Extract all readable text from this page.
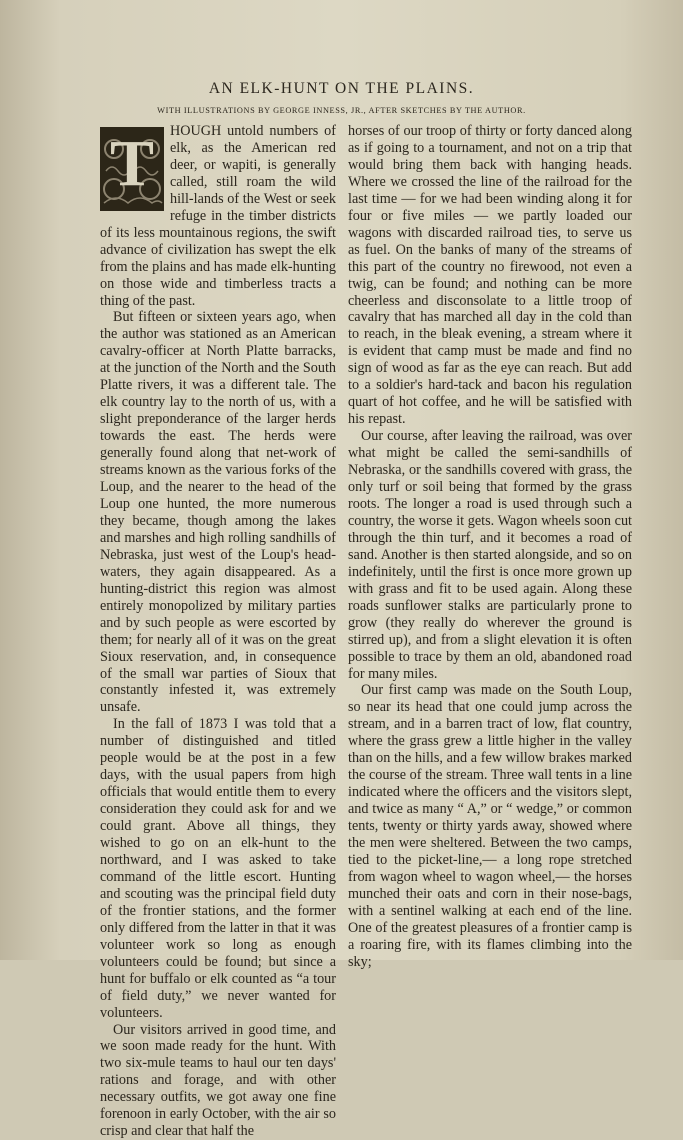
AN ELK-HUNT ON THE PLAINS.
WITH ILLUSTRATIONS BY GEORGE INNESS, JR., AFTER SKETCHES BY THE AUTHOR.

T	HOUGH untold numbers of elk, as the American red deer, or wapiti, is generally called, still roam the wild hill-lands of the West or seek refuge in the timber districts of its less mountainous regions, the swift advance of civilization has swept the elk from the plains and has made elk-hunting on those wide and timberless tracts a thing of the past.

But fifteen or sixteen years ago, when the author was stationed as an American cavalry-officer at North Platte barracks, at the junction of the North and the South Platte rivers, it was a different tale. The elk country lay to the north of us, with a slight preponderance of the larger herds towards the east. The herds were generally found along that net-work of streams known as the various forks of the Loup, and the nearer to the head of the Loup one hunted, the more numerous they became, though among the lakes and marshes and high rolling sandhills of Nebraska, just west of the Loup's head-waters, they again disappeared. As a hunting-district this region was almost entirely monopolized by military parties and by such people as were escorted by them; for nearly all of it was on the great Sioux reservation, and, in consequence of the small war parties of Sioux that constantly infested it, was extremely unsafe.

In the fall of 1873 I was told that a number of distinguished and titled people would be at the post in a few days, with the usual papers from high officials that would entitle them to every consideration they could ask for and we could grant. Above all things, they wished to go on an elk-hunt to the northward, and I was asked to take command of the little escort. Hunting and scouting was the principal field duty of the frontier stations, and the former only differed from the latter in that it was volunteer work so long as enough volunteers could be found; but since a hunt for buffalo or elk counted as “a tour of field duty,” we never wanted for volunteers.

Our visitors arrived in good time, and we soon made ready for the hunt. With two six-mule teams to haul our ten days' rations and forage, and with other necessary outfits, we got away one fine forenoon in early October, with the air so crisp and clear that half the

horses of our troop of thirty or forty danced along as if going to a tournament, and not on a trip that would bring them back with hanging heads. Where we crossed the line of the railroad for the last time — for we had been winding along it for four or five miles — we partly loaded our wagons with discarded railroad ties, to serve us as fuel. On the banks of many of the streams of this part of the country no firewood, not even a twig, can be found; and nothing can be more cheerless and disconsolate to a little troop of cavalry that has marched all day in the cold than to reach, in the bleak evening, a stream where it is evident that camp must be made and find no sign of wood as far as the eye can reach. But add to a soldier's hard-tack and bacon his regulation quart of hot coffee, and he will be satisfied with his repast.

Our course, after leaving the railroad, was over what might be called the semi-sandhills of Nebraska, or the sandhills covered with grass, the only turf or soil being that formed by the grass roots. The longer a road is used through such a country, the worse it gets. Wagon wheels soon cut through the thin turf, and it becomes a road of sand. Another is then started alongside, and so on indefinitely, until the first is once more grown up with grass and fit to be used again. Along these roads sunflower stalks are particularly prone to grow (they really do wherever the ground is stirred up), and from a slight elevation it is often possible to trace by them an old, abandoned road for many miles.

Our first camp was made on the South Loup, so near its head that one could jump across the stream, and in a barren tract of low, flat country, where the grass grew a little higher in the valley than on the hills, and a few willow brakes marked the course of the stream. Three wall tents in a line indicated where the officers and the visitors slept, and twice as many “ A,” or “ wedge,” or common tents, twenty or thirty yards away, showed where the men were sheltered. Between the two camps, tied to the picket-line,— a long rope stretched from wagon wheel to wagon wheel,— the horses munched their oats and corn in their nose-bags, with a sentinel walking at each end of the line. One of the greatest pleasures of a frontier camp is a roaring fire, with its flames climbing into the sky;
